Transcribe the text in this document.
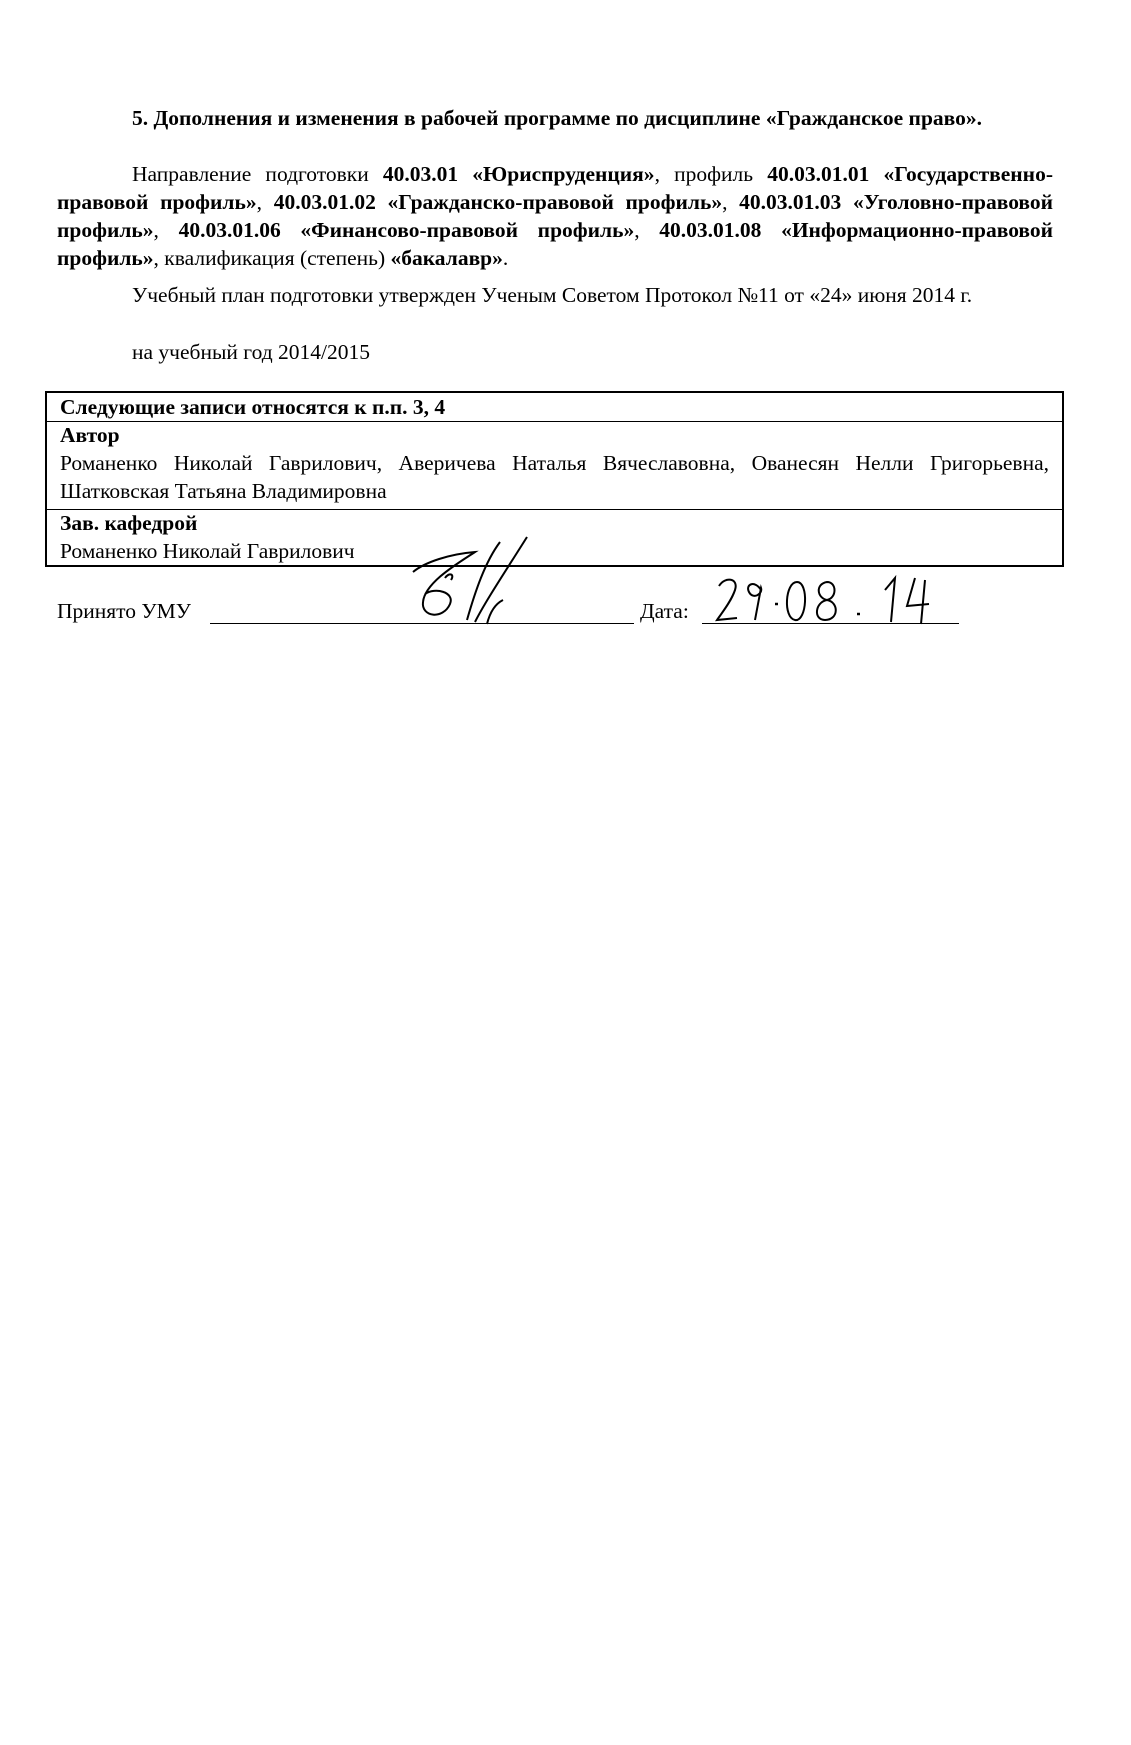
5. Дополнения и изменения в рабочей программе по дисциплине «Гражданское право».
Направление подготовки 40.03.01 «Юриспруденция», профиль 40.03.01.01 «Государственно-правовой профиль», 40.03.01.02 «Гражданско-правовой профиль», 40.03.01.03 «Уголовно-правовой профиль», 40.03.01.06 «Финансово-правовой профиль», 40.03.01.08 «Информационно-правовой профиль», квалификация (степень) «бакалавр».
Учебный план подготовки утвержден Ученым Советом Протокол №11 от «24» июня 2014 г.
на учебный год 2014/2015
Следующие записи относятся к п.п. 3, 4
Автор
Романенко Николай Гаврилович, Аверичева Наталья Вячеславовна, Ованесян Нелли Григорьевна, Шатковская Татьяна Владимировна
Зав. кафедрой
Романенко Николай Гаврилович
Принято УМУ	Дата:
